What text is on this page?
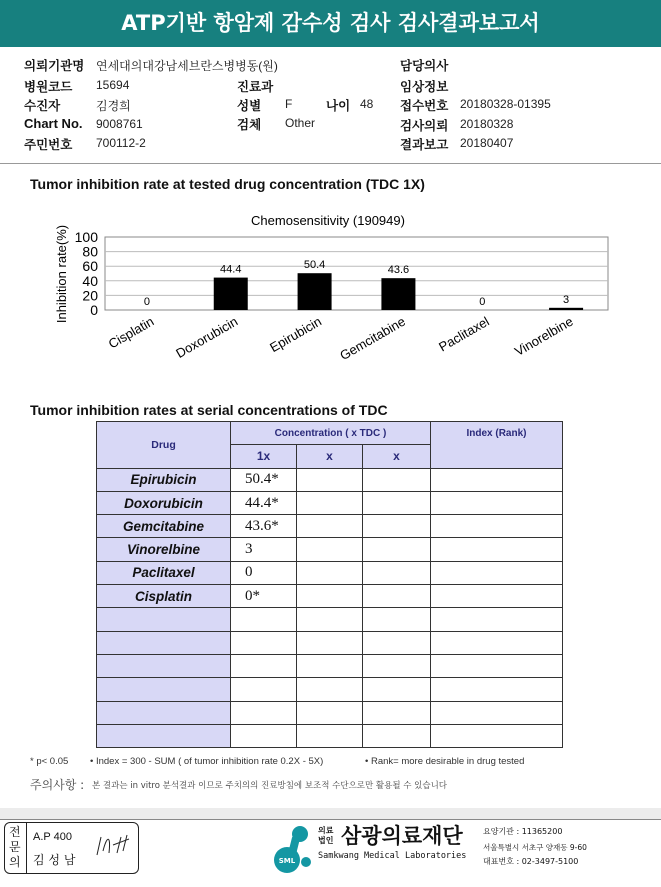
ATP기반 항암제 감수성 검사 검사결과보고서
의뢰기관명 연세대의대강남세브란스병병동(원)	담당의사
병원코드 15694	진료과	임상정보
수진자	김경희	성별 F	나이 48 접수번호 20180328-01395
Chart No. 9008761	검체 Other	검사의뢰 20180328
주민번호 700112-2	결과보고 20180407
Tumor inhibition rate at tested drug concentration (TDC 1X)
Chemosensitivity (190949)
Inhibition rate(%) 0
20
40
60
80
100
0
Cisplatin
44.4
Doxorubicin
50.4
Epirubicin
43.6
Gemcitabine
0
Paclitaxel
3
Vinorelbine
Tumor inhibition rates at serial concentrations of TDC
Drug	Concentration ( x TDC )			Index (Rank)
	1x	x	x	
Epirubicin	50.4*			
Doxorubicin	44.4*			
Gemcitabine	43.6*			
Vinorelbine	3			
Paclitaxel	0			
Cisplatin	0*			

* p< 0.05 • Index = 300 - SUM ( of tumor inhibition rate 0.2X - 5X)	• Rank= more desirable in drug tested
주의사항 : 본 결과는 in vitro 분석결과 이므로 주치의의 진료방침에 보조적 수단으로만 활용될 수 있습니다
전문의
A.P 400
김 성 남	SML
의료법인 삼광의료재단
Samkwang Medical Laboratories
요양기관 : 11365200
서울특별시 서초구 양재동 9-60
대표번호 : 02-3497-5100
